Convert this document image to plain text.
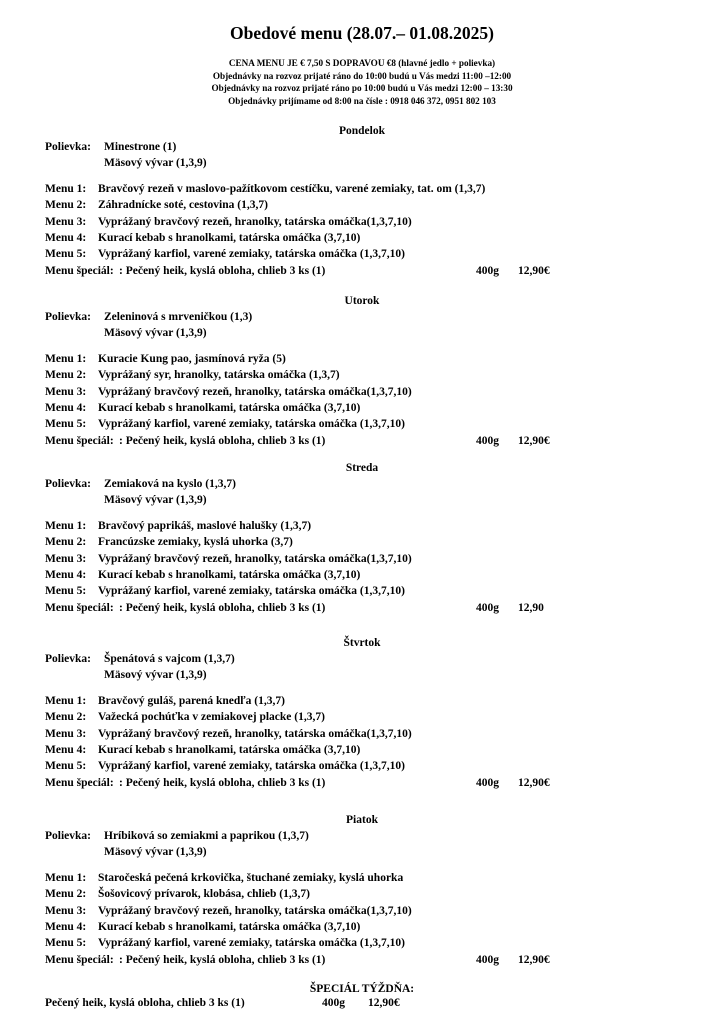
Obedové menu (28.07.– 01.08.2025)
CENA MENU JE € 7,50 S DOPRAVOU €8 (hlavné jedlo + polievka)
Objednávky na rozvoz prijaté ráno do 10:00 budú u Vás medzi 11:00 –12:00
Objednávky na rozvoz prijaté ráno po 10:00 budú u Vás medzi 12:00 – 13:30
Objednávky prijímame od 8:00 na čísle : 0918 046 372, 0951 802 103
Pondelok
Polievka: Minestrone (1)
Mäsový vývar (1,3,9)
Menu 1: Bravčový rezeň v maslovo-pažítkovom cestíčku, varené zemiaky, tat. om (1,3,7)
Menu 2: Záhradnícke soté, cestovina (1,3,7)
Menu 3: Vyprážaný bravčový rezeň, hranolky, tatárska omáčka(1,3,7,10)
Menu 4: Kurací kebab s hranolkami, tatárska omáčka (3,7,10)
Menu 5: Vyprážaný karfiol, varené zemiaky, tatárska omáčka (1,3,7,10)
Menu špeciál: : Pečený heik, kyslá obloha, chlieb 3 ks (1)	400g 12,90€
Utorok
Polievka: Zeleninová s mrveničkou (1,3)
Mäsový vývar (1,3,9)
Menu 1: Kuracie Kung pao, jasmínová ryža (5)
Menu 2: Vyprážaný syr, hranolky, tatárska omáčka (1,3,7)
Menu 3: Vyprážaný bravčový rezeň, hranolky, tatárska omáčka(1,3,7,10)
Menu 4: Kurací kebab s hranolkami, tatárska omáčka (3,7,10)
Menu 5: Vyprážaný karfiol, varené zemiaky, tatárska omáčka (1,3,7,10)
Menu špeciál: : Pečený heik, kyslá obloha, chlieb 3 ks (1)	400g 12,90€
Streda
Polievka: Zemiaková na kyslo (1,3,7)
Mäsový vývar (1,3,9)
Menu 1: Bravčový paprikáš, maslové halušky (1,3,7)
Menu 2: Francúzske zemiaky, kyslá uhorka (3,7)
Menu 3: Vyprážaný bravčový rezeň, hranolky, tatárska omáčka(1,3,7,10)
Menu 4: Kurací kebab s hranolkami, tatárska omáčka (3,7,10)
Menu 5: Vyprážaný karfiol, varené zemiaky, tatárska omáčka (1,3,7,10)
Menu špeciál: : Pečený heik, kyslá obloha, chlieb 3 ks (1)	400g 12,90
Štvrtok
Polievka: Špenátová s vajcom (1,3,7)
Mäsový vývar (1,3,9)
Menu 1: Bravčový guláš, parená knedľa (1,3,7)
Menu 2: Važecká pochúťka v zemiakovej placke (1,3,7)
Menu 3: Vyprážaný bravčový rezeň, hranolky, tatárska omáčka(1,3,7,10)
Menu 4: Kurací kebab s hranolkami, tatárska omáčka (3,7,10)
Menu 5: Vyprážaný karfiol, varené zemiaky, tatárska omáčka (1,3,7,10)
Menu špeciál: : Pečený heik, kyslá obloha, chlieb 3 ks (1)	400g 12,90€
Piatok
Polievka: Hríbiková so zemiakmi a paprikou (1,3,7)
Mäsový vývar (1,3,9)
Menu 1: Staročeská pečená krkovička, štuchané zemiaky, kyslá uhorka
Menu 2: Šošovicový prívarok, klobása, chlieb (1,3,7)
Menu 3: Vyprážaný bravčový rezeň, hranolky, tatárska omáčka(1,3,7,10)
Menu 4: Kurací kebab s hranolkami, tatárska omáčka (3,7,10)
Menu 5: Vyprážaný karfiol, varené zemiaky, tatárska omáčka (1,3,7,10)
Menu špeciál: : Pečený heik, kyslá obloha, chlieb 3 ks (1)	400g 12,90€
ŠPECIÁL TÝŽDŇA:
Pečený heik, kyslá obloha, chlieb 3 ks (1)	400g 12,90€
